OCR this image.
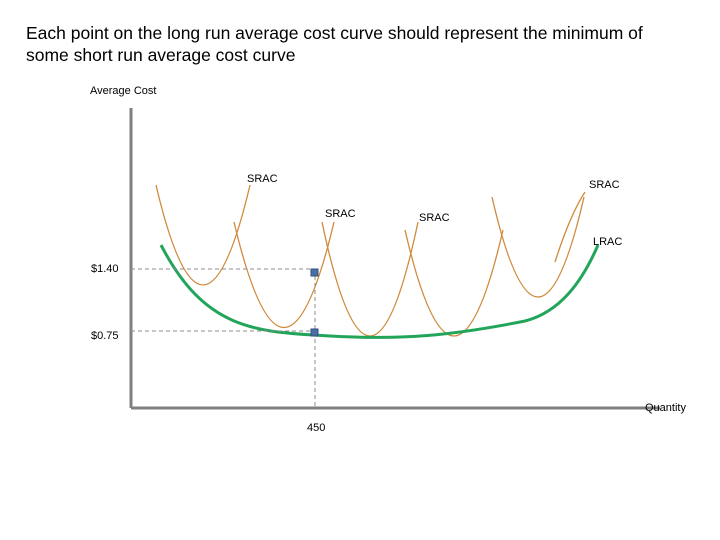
Each point on the long run average cost curve should represent the minimum of
some short run average cost curve
Average Cost
Quantity
SRAC	SRAC
SRAC	SRAC
LRAC
$1.40
$0.75
450
